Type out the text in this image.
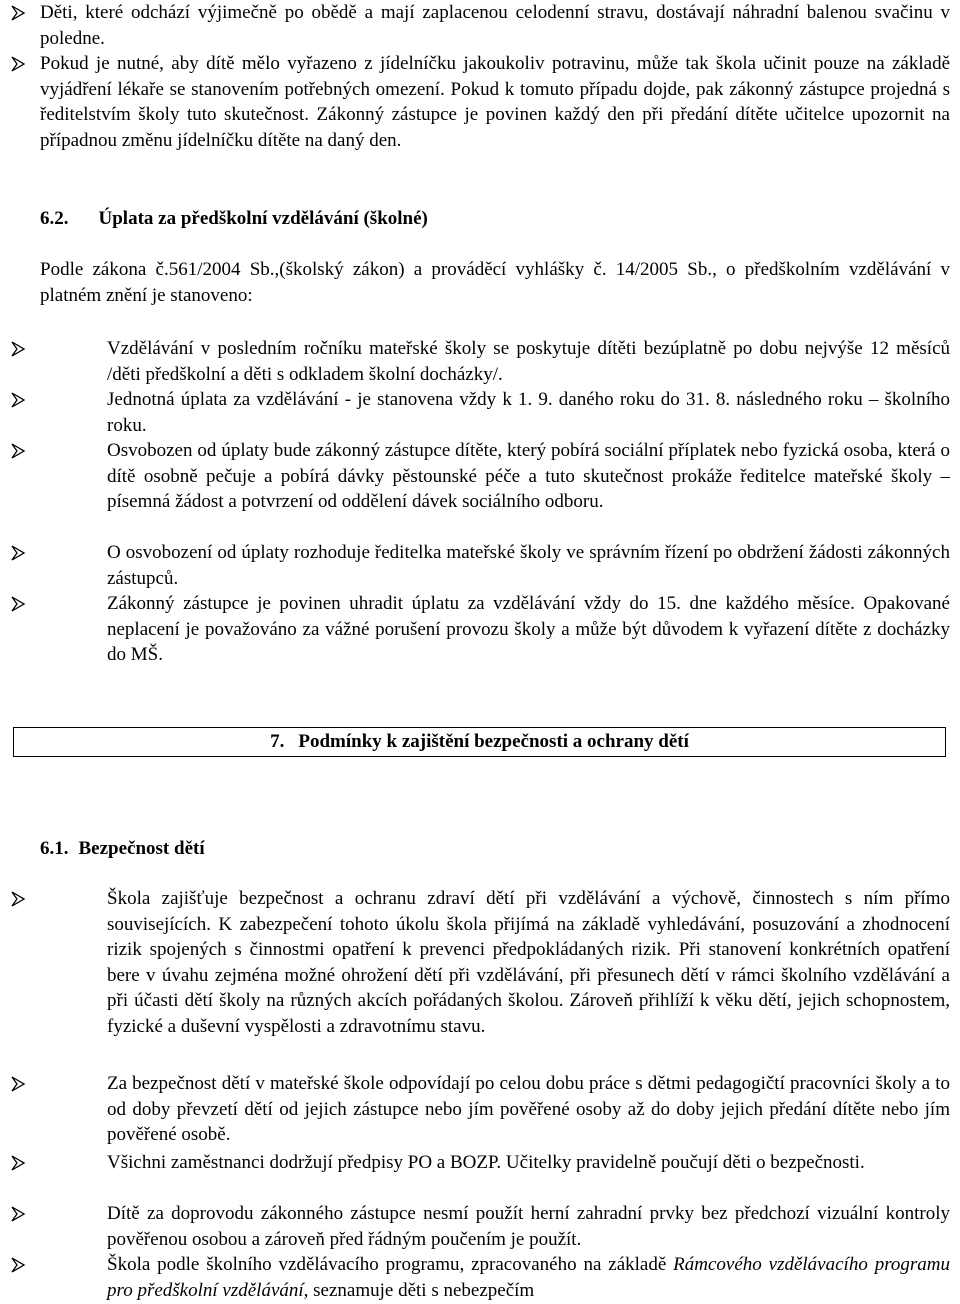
Děti, které odchází výjimečně po obědě a mají zaplacenou celodenní stravu, dostávají náhradní balenou svačinu v poledne.

Pokud je nutné, aby dítě mělo vyřazeno z jídelníčku jakoukoliv potravinu, může tak škola učinit pouze na základě vyjádření lékaře se stanovením potřebných omezení. Pokud k tomuto případu dojde, pak zákonný zástupce projedná s ředitelstvím školy tuto skutečnost. Zákonný zástupce je povinen každý den při předání dítěte učitelce upozornit na případnou změnu jídelníčku dítěte na daný den.

6.2. Úplata za předškolní vzdělávání (školné)

Podle zákona č.561/2004 Sb.,(školský zákon) a prováděcí vyhlášky č. 14/2005 Sb., o předškolním vzdělávání v platném znění je stanoveno:

Vzdělávání v posledním ročníku mateřské školy se poskytuje dítěti bezúplatně po dobu nejvýše 12 měsíců /děti předškolní a děti s odkladem školní docházky/.

Jednotná úplata za vzdělávání - je stanovena vždy k 1. 9. daného roku do 31. 8. následného roku – školního roku.

Osvobozen od úplaty bude zákonný zástupce dítěte, který pobírá sociální příplatek nebo fyzická osoba, která o dítě osobně pečuje a pobírá dávky pěstounské péče a tuto skutečnost prokáže ředitelce mateřské školy – písemná žádost a potvrzení od oddělení dávek sociálního odboru.

O osvobození od úplaty rozhoduje ředitelka mateřské školy ve správním řízení po obdržení žádosti zákonných zástupců.

Zákonný zástupce je povinen uhradit úplatu za vzdělávání vždy do 15. dne každého měsíce. Opakované neplacení je považováno za vážné porušení provozu školy a může být důvodem k vyřazení dítěte z docházky do MŠ.

7. Podmínky k zajištění bezpečnosti a ochrany dětí
6.1. Bezpečnost dětí

Škola zajišťuje bezpečnost a ochranu zdraví dětí při vzdělávání a výchově, činnostech s ním přímo souvisejících. K zabezpečení tohoto úkolu škola přijímá na základě vyhledávání, posuzování a zhodnocení rizik spojených s činnostmi opatření k prevenci předpokládaných rizik. Při stanovení konkrétních opatření bere v úvahu zejména možné ohrožení dětí při vzdělávání, při přesunech dětí v rámci školního vzdělávání a při účasti dětí školy na různých akcích pořádaných školou. Zároveň přihlíží k věku dětí, jejich schopnostem, fyzické a duševní vyspělosti a zdravotnímu stavu.

Za bezpečnost dětí v mateřské škole odpovídají po celou dobu práce s dětmi pedagogičtí pracovníci školy a to od doby převzetí dětí od jejich zástupce nebo jím pověřené osoby až do doby jejich předání dítěte nebo jím pověřené osobě.

Všichni zaměstnanci dodržují předpisy PO a BOZP. Učitelky pravidelně poučují děti o bezpečnosti.

Dítě za doprovodu zákonného zástupce nesmí použít herní zahradní prvky bez předchozí vizuální kontroly pověřenou osobou a zároveň před řádným poučením je použít.

Škola podle školního vzdělávacího programu, zpracovaného na základě Rámcového vzdělávacího programu pro předškolní vzdělávání, seznamuje děti s nebezpečím
